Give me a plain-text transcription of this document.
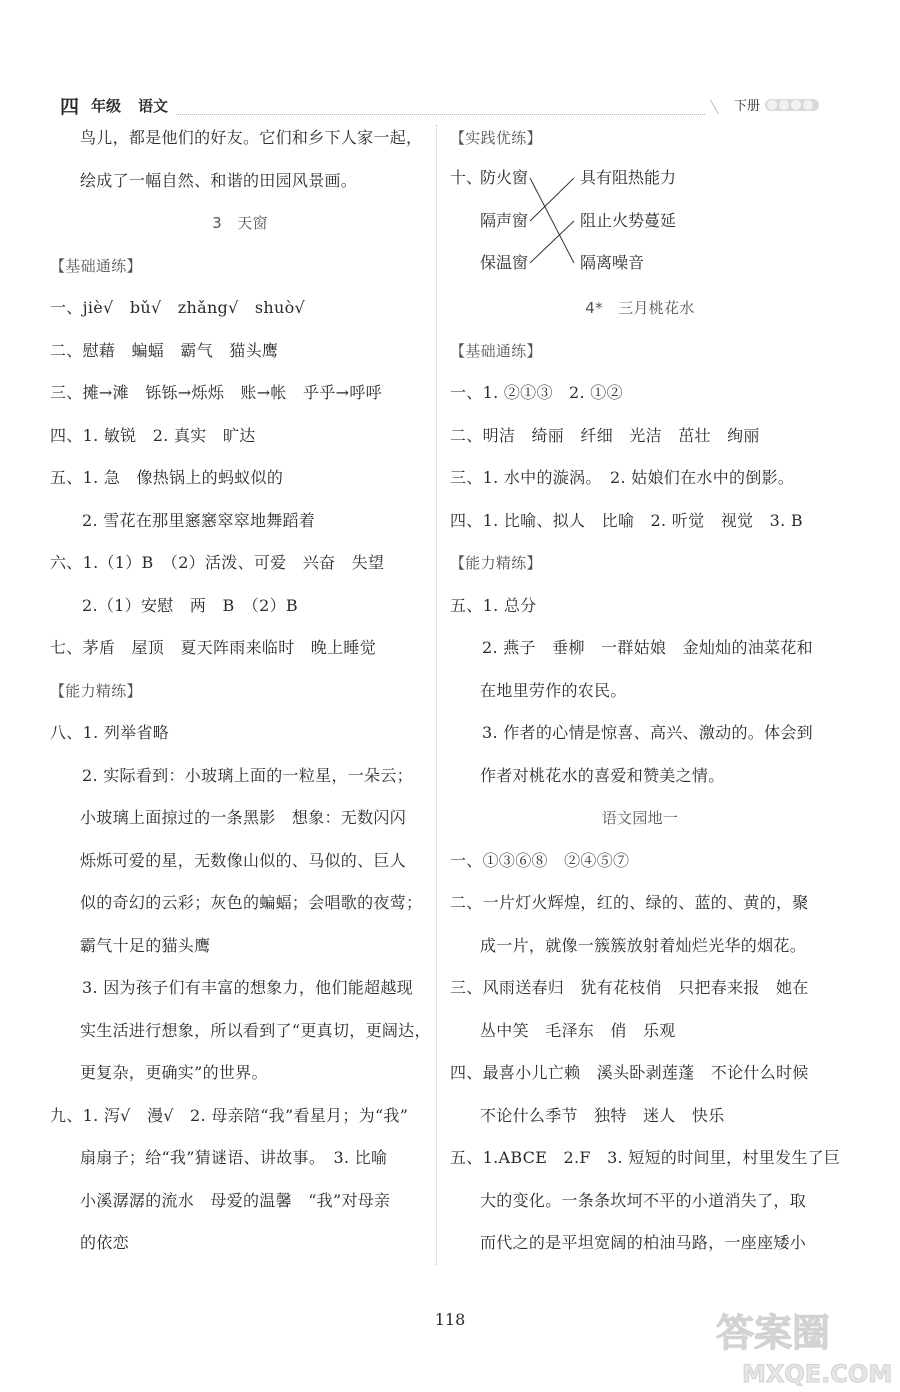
四 年级 语文	下册
鸟儿，都是他们的好友。它们和乡下人家一起，
绘成了一幅自然、和谐的田园风景画。
3　天窗
【基础通练】
一、jiè√　bǔ√　zhǎng√　shuò√
二、慰藉　蝙蝠　霸气　猫头鹰
三、摊→滩　铄铄→烁烁　账→帐　乎乎→呼呼
四、1. 敏锐　2. 真实　旷达
五、1. 急　像热锅上的蚂蚁似的
2. 雪花在那里窸窸窣窣地舞蹈着
六、1.（1）B　（2）活泼、可爱　兴奋　失望
2.（1）安慰　两　B　（2）B
七、茅盾　屋顶　夏天阵雨来临时　晚上睡觉
【能力精练】
八、1. 列举省略
2. 实际看到：小玻璃上面的一粒星，一朵云；
小玻璃上面掠过的一条黑影　想象：无数闪闪
烁烁可爱的星，无数像山似的、马似的、巨人
似的奇幻的云彩；灰色的蝙蝠；会唱歌的夜莺；
霸气十足的猫头鹰
3. 因为孩子们有丰富的想象力，他们能超越现
实生活进行想象，所以看到了“更真切，更阔达，
更复杂，更确实”的世界。
九、1. 泻√　漫√　2. 母亲陪“我”看星月；为“我”
扇扇子；给“我”猜谜语、讲故事。　3. 比喻
小溪潺潺的流水　母爱的温馨　“我”对母亲
的依恋
【实践优练】
十、
防火窗
隔声窗
保温窗
具有阻热能力
阻止火势蔓延
隔离噪音
4*　三月桃花水
【基础通练】
一、1. ②①③　2. ①②
二、明洁　绮丽　纤细　光洁　茁壮　绚丽
三、1. 水中的漩涡。　2. 姑娘们在水中的倒影。
四、1. 比喻、拟人　比喻　2. 听觉　视觉　3. B
【能力精练】
五、1. 总分
2. 燕子　垂柳　一群姑娘　金灿灿的油菜花和
在地里劳作的农民。
3. 作者的心情是惊喜、高兴、激动的。体会到
作者对桃花水的喜爱和赞美之情。
语文园地一
一、①③⑥⑧　②④⑤⑦
二、一片灯火辉煌，红的、绿的、蓝的、黄的，聚
成一片，就像一簇簇放射着灿烂光华的烟花。
三、风雨送春归　犹有花枝俏　只把春来报　她在
丛中笑　毛泽东　俏　乐观
四、最喜小儿亡赖　溪头卧剥莲蓬　不论什么时候
不论什么季节　独特　迷人　快乐
五、1.ABCE　2.F　3. 短短的时间里，村里发生了巨
大的变化。一条条坎坷不平的小道消失了，取
而代之的是平坦宽阔的柏油马路，一座座矮小
118	答案圈
MXQE.COM
